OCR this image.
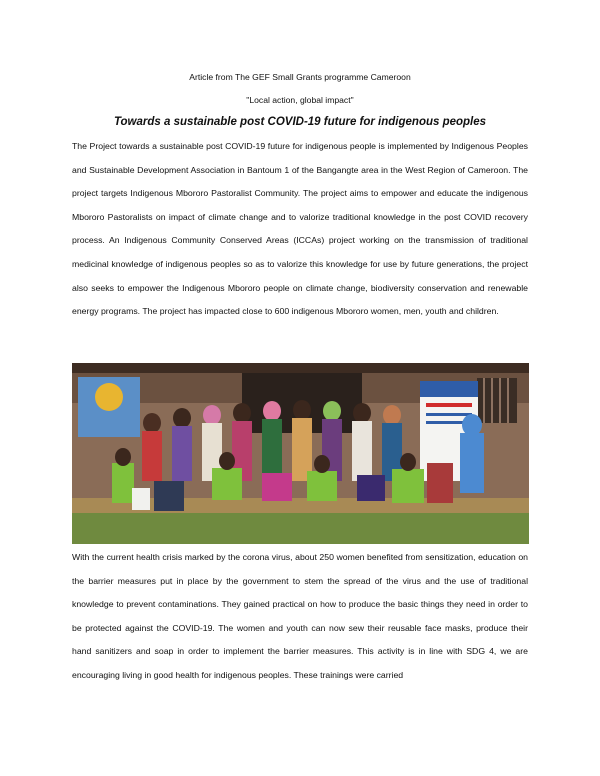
Article from The GEF Small Grants programme Cameroon
"Local action, global impact"
Towards a sustainable post COVID-19 future for indigenous peoples

The Project towards a sustainable post COVID-19 future for indigenous people is implemented by Indigenous Peoples and Sustainable Development Association in Bantoum 1 of the Bangangte area in the West Region of Cameroon. The project targets Indigenous Mbororo Pastoralist Community. The project aims to empower and educate the indigenous Mbororo Pastoralists on impact of climate change and to valorize traditional knowledge in the post COVID recovery process. An Indigenous Community Conserved Areas (ICCAs) project working on the transmission of traditional medicinal knowledge of indigenous peoples so as to valorize this knowledge for use by future generations, the project also seeks to empower the Indigenous Mbororo people on climate change, biodiversity conservation and renewable energy programs. The project has impacted close to 600 indigenous Mbororo women, men, youth and children.

With the current health crisis marked by the corona virus, about 250 women benefited from sensitization, education on the barrier measures put in place by the government to stem the spread of the virus and the use of traditional knowledge to prevent contaminations. They gained practical on how to produce the basic things they need in order to be protected against the COVID-19. The women and youth can now sew their reusable face masks, produce their hand sanitizers and soap in order to implement the barrier measures. This activity is in line with SDG 4, we are encouraging living in good health for indigenous peoples. These trainings were carried
